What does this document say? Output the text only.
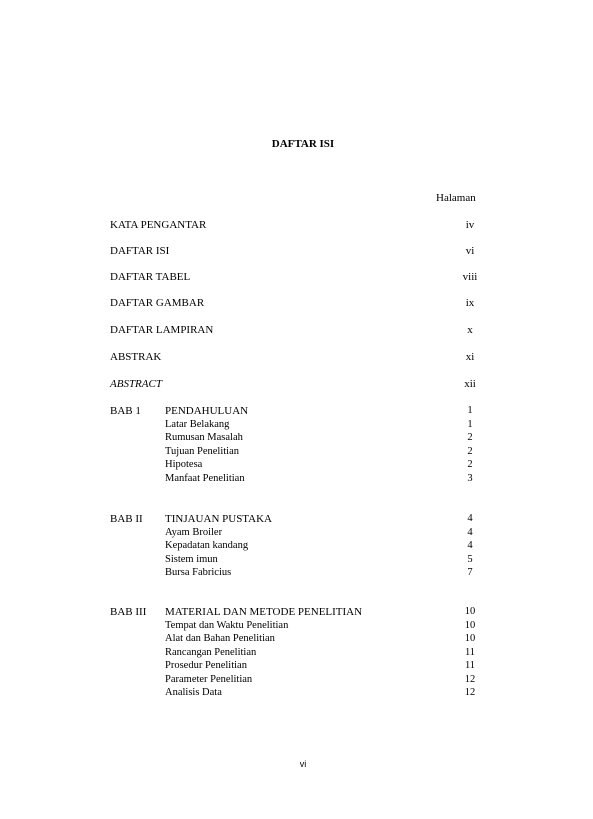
DAFTAR ISI
Halaman
KATA PENGANTAR	iv
DAFTAR ISI	vi
DAFTAR TABEL	viii
DAFTAR GAMBAR	ix
DAFTAR LAMPIRAN	x
ABSTRAK	xi
ABSTRACT	xii
BAB 1 PENDAHULUAN	1
Latar Belakang	1
Rumusan Masalah	2
Tujuan Penelitian	2
Hipotesa	2
Manfaat Penelitian	3
BAB II TINJAUAN PUSTAKA	4
Ayam Broiler	4
Kepadatan kandang	4
Sistem imun	5
Bursa Fabricius	7
BAB III MATERIAL DAN METODE PENELITIAN	10
Tempat dan Waktu Penelitian	10
Alat dan Bahan Penelitian	10
Rancangan Penelitian	11
Prosedur Penelitian	11
Parameter Penelitian	12
Analisis Data	12
vi
